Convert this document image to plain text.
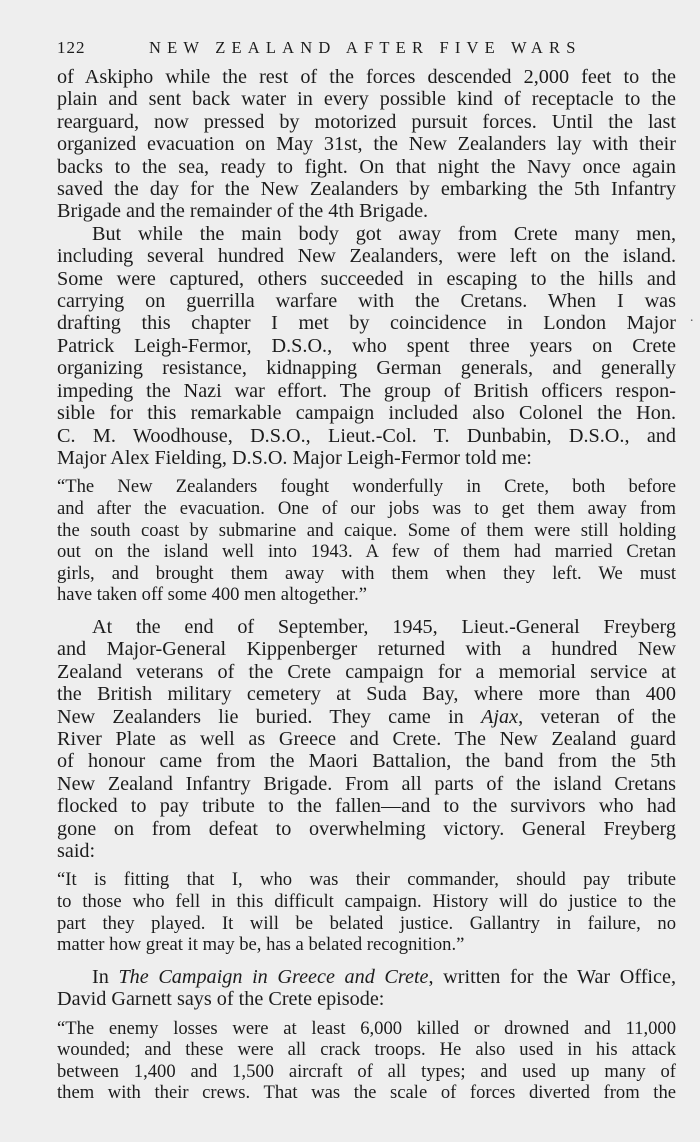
122	NEW ZEALAND AFTER FIVE WARS

of Askipho while the rest of the forces descended 2,000 feet to the
plain and sent back water in every possible kind of receptacle to the
rearguard, now pressed by motorized pursuit forces. Until the last
organized evacuation on May 31st, the New Zealanders lay with their
backs to the sea, ready to fight. On that night the Navy once again
saved the day for the New Zealanders by embarking the 5th Infantry
Brigade and the remainder of the 4th Brigade.

But while the main body got away from Crete many men,
including several hundred New Zealanders, were left on the island.
Some were captured, others succeeded in escaping to the hills and
carrying on guerrilla warfare with the Cretans. When I was
drafting this chapter I met by coincidence in London Major
Patrick Leigh-Fermor, D.S.O., who spent three years on Crete
organizing resistance, kidnapping German generals, and generally
impeding the Nazi war effort. The group of British officers respon-
sible for this remarkable campaign included also Colonel the Hon.
C. M. Woodhouse, D.S.O., Lieut.-Col. T. Dunbabin, D.S.O., and
Major Alex Fielding, D.S.O. Major Leigh-Fermor told me:

“The New Zealanders fought wonderfully in Crete, both before
and after the evacuation. One of our jobs was to get them away from
the south coast by submarine and caique. Some of them were still holding
out on the island well into 1943. A few of them had married Cretan
girls, and brought them away with them when they left. We must
have taken off some 400 men altogether.”

At the end of September, 1945, Lieut.-General Freyberg
and Major-General Kippenberger returned with a hundred New
Zealand veterans of the Crete campaign for a memorial service at
the British military cemetery at Suda Bay, where more than 400
New Zealanders lie buried. They came in Ajax, veteran of the
River Plate as well as Greece and Crete. The New Zealand guard
of honour came from the Maori Battalion, the band from the 5th
New Zealand Infantry Brigade. From all parts of the island Cretans
flocked to pay tribute to the fallen—and to the survivors who had
gone on from defeat to overwhelming victory. General Freyberg
said:

“It is fitting that I, who was their commander, should pay tribute
to those who fell in this difficult campaign. History will do justice to the
part they played. It will be belated justice. Gallantry in failure, no
matter how great it may be, has a belated recognition.”

In The Campaign in Greece and Crete, written for the War Office,
David Garnett says of the Crete episode:

“The enemy losses were at least 6,000 killed or drowned and 11,000
wounded; and these were all crack troops. He also used in his attack
between 1,400 and 1,500 aircraft of all types; and used up many of
them with their crews. That was the scale of forces diverted from the

·
